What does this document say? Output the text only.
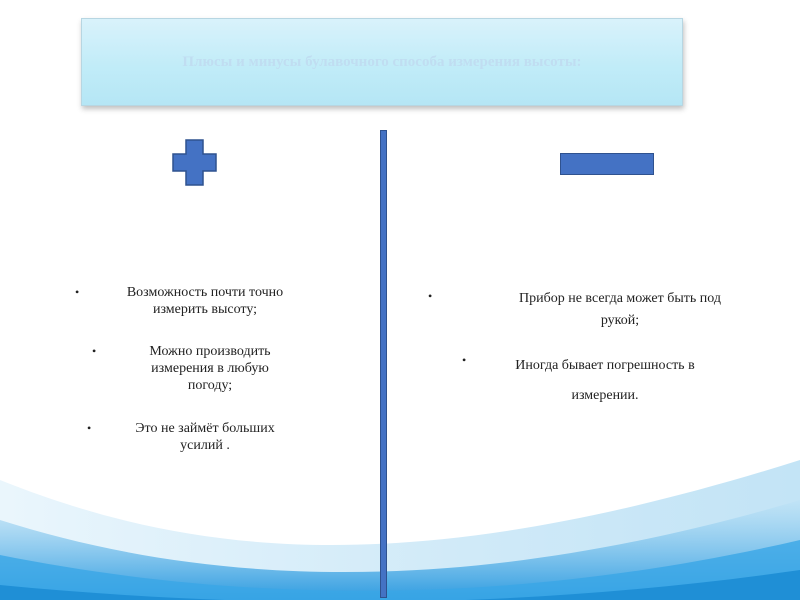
Плюсы и минусы булавочного способа измерения высоты:
•	Возможность почти точно
измерить высоту;
•	Можно производить
измерения в любую
погоду;
•	Это не займёт больших
усилий .
•	Прибор не всегда может быть под
рукой;
•	Иногда бывает погрешность в
измерении.
